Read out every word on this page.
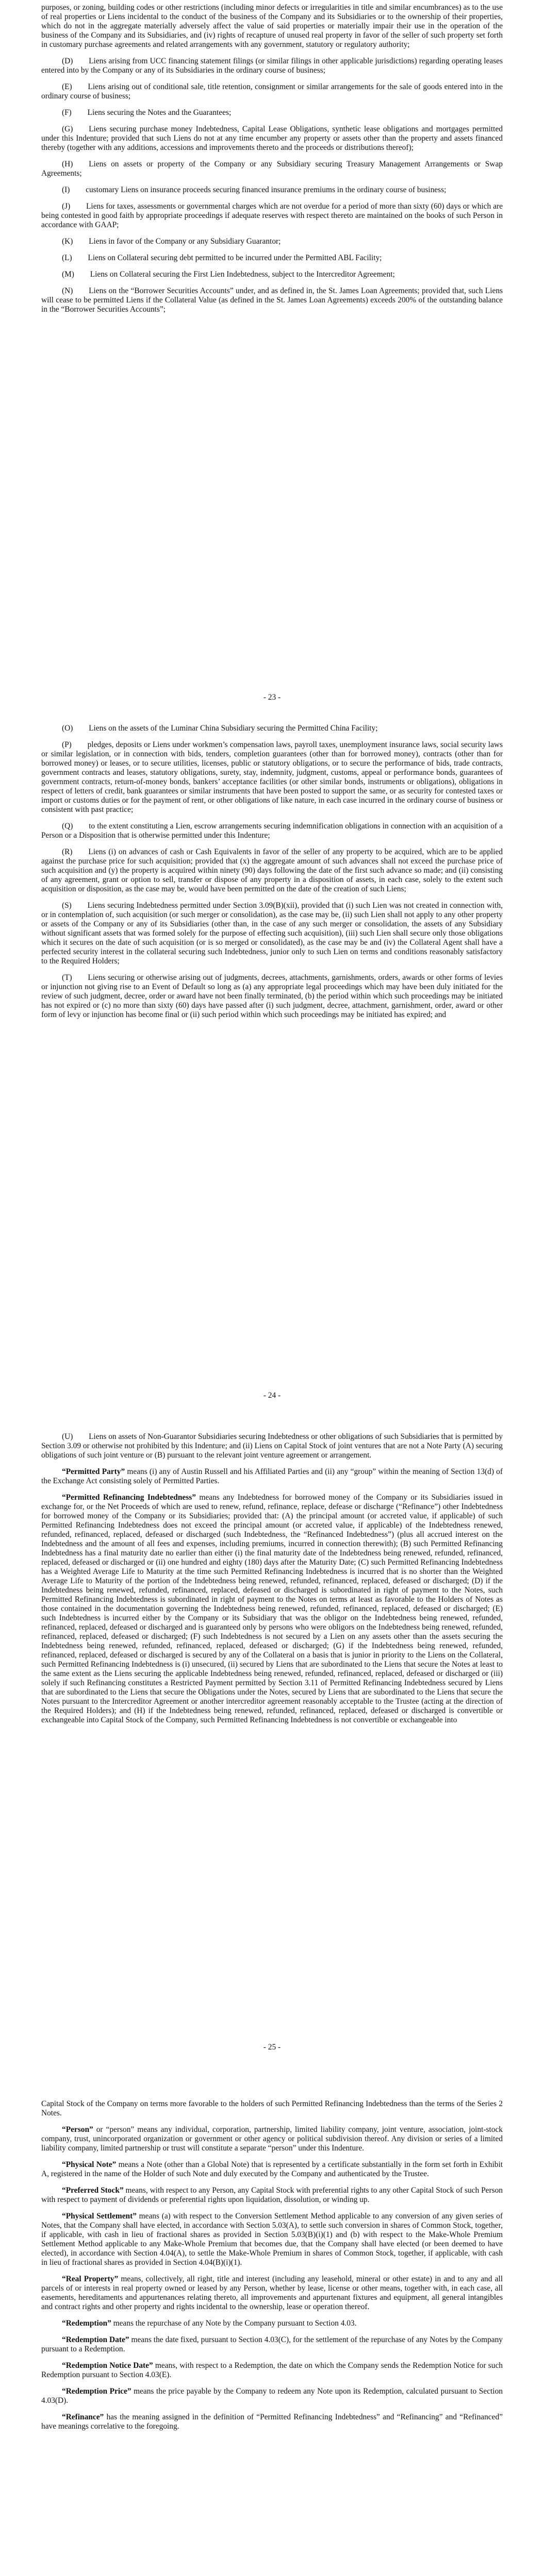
purposes, or zoning, building codes or other restrictions (including minor defects or irregularities in title and similar encumbrances) as to the use of real properties or Liens incidental to the conduct of the business of the Company and its Subsidiaries or to the ownership of their properties, which do not in the aggregate materially adversely affect the value of said properties or materially impair their use in the operation of the business of the Company and its Subsidiaries, and (iv) rights of recapture of unused real property in favor of the seller of such property set forth in customary purchase agreements and related arrangements with any government, statutory or regulatory authority;

(D)  Liens arising from UCC financing statement filings (or similar filings in other applicable jurisdictions) regarding operating leases entered into by the Company or any of its Subsidiaries in the ordinary course of business;

(E)  Liens arising out of conditional sale, title retention, consignment or similar arrangements for the sale of goods entered into in the ordinary course of business;

(F)  Liens securing the Notes and the Guarantees;

(G)  Liens securing purchase money Indebtedness, Capital Lease Obligations, synthetic lease obligations and mortgages permitted under this Indenture; provided that such Liens do not at any time encumber any property or assets other than the property and assets financed thereby (together with any additions, accessions and improvements thereto and the proceeds or distributions thereof);

(H)  Liens on assets or property of the Company or any Subsidiary securing Treasury Management Arrangements or Swap Agreements;

(I)  customary Liens on insurance proceeds securing financed insurance premiums in the ordinary course of business;

(J)  Liens for taxes, assessments or governmental charges which are not overdue for a period of more than sixty (60) days or which are being contested in good faith by appropriate proceedings if adequate reserves with respect thereto are maintained on the books of such Person in accordance with GAAP;

(K)  Liens in favor of the Company or any Subsidiary Guarantor;

(L)  Liens on Collateral securing debt permitted to be incurred under the Permitted ABL Facility;

(M)  Liens on Collateral securing the First Lien Indebtedness, subject to the Intercreditor Agreement;

(N)  Liens on the “Borrower Securities Accounts” under, and as defined in, the St. James Loan Agreements; provided that, such Liens will cease to be permitted Liens if the Collateral Value (as defined in the St. James Loan Agreements) exceeds 200% of the outstanding balance in the “Borrower Securities Accounts”;

- 23 -

(O)  Liens on the assets of the Luminar China Subsidiary securing the Permitted China Facility;

(P)  pledges, deposits or Liens under workmen’s compensation laws, payroll taxes, unemployment insurance laws, social security laws or similar legislation, or in connection with bids, tenders, completion guarantees (other than for borrowed money), contracts (other than for borrowed money) or leases, or to secure utilities, licenses, public or statutory obligations, or to secure the performance of bids, trade contracts, government contracts and leases, statutory obligations, surety, stay, indemnity, judgment, customs, appeal or performance bonds, guarantees of government contracts, return-of-money bonds, bankers’ acceptance facilities (or other similar bonds, instruments or obligations), obligations in respect of letters of credit, bank guarantees or similar instruments that have been posted to support the same, or as security for contested taxes or import or customs duties or for the payment of rent, or other obligations of like nature, in each case incurred in the ordinary course of business or consistent with past practice;

(Q)  to the extent constituting a Lien, escrow arrangements securing indemnification obligations in connection with an acquisition of a Person or a Disposition that is otherwise permitted under this Indenture;

(R)  Liens (i) on advances of cash or Cash Equivalents in favor of the seller of any property to be acquired, which are to be applied against the purchase price for such acquisition; provided that (x) the aggregate amount of such advances shall not exceed the purchase price of such acquisition and (y) the property is acquired within ninety (90) days following the date of the first such advance so made; and (ii) consisting of any agreement, grant or option to sell, transfer or dispose of any property in a disposition of assets, in each case, solely to the extent such acquisition or disposition, as the case may be, would have been permitted on the date of the creation of such Liens;

(S)  Liens securing Indebtedness permitted under Section 3.09(B)(xii), provided that (i) such Lien was not created in connection with, or in contemplation of, such acquisition (or such merger or consolidation), as the case may be, (ii) such Lien shall not apply to any other property or assets of the Company or any of its Subsidiaries (other than, in the case of any such merger or consolidation, the assets of any Subsidiary without significant assets that was formed solely for the purpose of effecting such acquisition), (iii) such Lien shall secure only those obligations which it secures on the date of such acquisition (or is so merged or consolidated), as the case may be and (iv) the Collateral Agent shall have a perfected security interest in the collateral securing such Indebtedness, junior only to such Lien on terms and conditions reasonably satisfactory to the Required Holders;

(T)  Liens securing or otherwise arising out of judgments, decrees, attachments, garnishments, orders, awards or other forms of levies or injunction not giving rise to an Event of Default so long as (a) any appropriate legal proceedings which may have been duly initiated for the review of such judgment, decree, order or award have not been finally terminated, (b) the period within which such proceedings may be initiated has not expired or (c) no more than sixty (60) days have passed after (i) such judgment, decree, attachment, garnishment, order, award or other form of levy or injunction has become final or (ii) such period within which such proceedings may be initiated has expired; and

- 24 -

(U)  Liens on assets of Non-Guarantor Subsidiaries securing Indebtedness or other obligations of such Subsidiaries that is permitted by Section 3.09 or otherwise not prohibited by this Indenture; and (ii) Liens on Capital Stock of joint ventures that are not a Note Party (A) securing obligations of such joint venture or (B) pursuant to the relevant joint venture agreement or arrangement.

“Permitted Party” means (i) any of Austin Russell and his Affiliated Parties and (ii) any “group” within the meaning of Section 13(d) of the Exchange Act consisting solely of Permitted Parties.

“Permitted Refinancing Indebtedness” means any Indebtedness for borrowed money of the Company or its Subsidiaries issued in exchange for, or the Net Proceeds of which are used to renew, refund, refinance, replace, defease or discharge (“Refinance”) other Indebtedness for borrowed money of the Company or its Subsidiaries; provided that: (A) the principal amount (or accreted value, if applicable) of such Permitted Refinancing Indebtedness does not exceed the principal amount (or accreted value, if applicable) of the Indebtedness renewed, refunded, refinanced, replaced, defeased or discharged (such Indebtedness, the “Refinanced Indebtedness”) (plus all accrued interest on the Indebtedness and the amount of all fees and expenses, including premiums, incurred in connection therewith); (B) such Permitted Refinancing Indebtedness has a final maturity date no earlier than either (i) the final maturity date of the Indebtedness being renewed, refunded, refinanced, replaced, defeased or discharged or (ii) one hundred and eighty (180) days after the Maturity Date; (C) such Permitted Refinancing Indebtedness has a Weighted Average Life to Maturity at the time such Permitted Refinancing Indebtedness is incurred that is no shorter than the Weighted Average Life to Maturity of the portion of the Indebtedness being renewed, refunded, refinanced, replaced, defeased or discharged; (D) if the Indebtedness being renewed, refunded, refinanced, replaced, defeased or discharged is subordinated in right of payment to the Notes, such Permitted Refinancing Indebtedness is subordinated in right of payment to the Notes on terms at least as favorable to the Holders of Notes as those contained in the documentation governing the Indebtedness being renewed, refunded, refinanced, replaced, defeased or discharged; (E) such Indebtedness is incurred either by the Company or its Subsidiary that was the obligor on the Indebtedness being renewed, refunded, refinanced, replaced, defeased or discharged and is guaranteed only by persons who were obligors on the Indebtedness being renewed, refunded, refinanced, replaced, defeased or discharged; (F) such Indebtedness is not secured by a Lien on any assets other than the assets securing the Indebtedness being renewed, refunded, refinanced, replaced, defeased or discharged; (G) if the Indebtedness being renewed, refunded, refinanced, replaced, defeased or discharged is secured by any of the Collateral on a basis that is junior in priority to the Liens on the Collateral, such Permitted Refinancing Indebtedness is (i) unsecured, (ii) secured by Liens that are subordinated to the Liens that secure the Notes at least to the same extent as the Liens securing the applicable Indebtedness being renewed, refunded, refinanced, replaced, defeased or discharged or (iii) solely if such Refinancing constitutes a Restricted Payment permitted by Section 3.11 of Permitted Refinancing Indebtedness secured by Liens that are subordinated to the Liens that secure the Obligations under the Notes, secured by Liens that are subordinated to the Liens that secure the Notes pursuant to the Intercreditor Agreement or another intercreditor agreement reasonably acceptable to the Trustee (acting at the direction of the Required Holders); and (H) if the Indebtedness being renewed, refunded, refinanced, replaced, defeased or discharged is convertible or exchangeable into Capital Stock of the Company, such Permitted Refinancing Indebtedness is not convertible or exchangeable into

- 25 -

Capital Stock of the Company on terms more favorable to the holders of such Permitted Refinancing Indebtedness than the terms of the Series 2 Notes.

“Person” or “person” means any individual, corporation, partnership, limited liability company, joint venture, association, joint-stock company, trust, unincorporated organization or government or other agency or political subdivision thereof. Any division or series of a limited liability company, limited partnership or trust will constitute a separate “person” under this Indenture.

“Physical Note” means a Note (other than a Global Note) that is represented by a certificate substantially in the form set forth in Exhibit A, registered in the name of the Holder of such Note and duly executed by the Company and authenticated by the Trustee.

“Preferred Stock” means, with respect to any Person, any Capital Stock with preferential rights to any other Capital Stock of such Person with respect to payment of dividends or preferential rights upon liquidation, dissolution, or winding up.

“Physical Settlement” means (a) with respect to the Conversion Settlement Method applicable to any conversion of any given series of Notes, that the Company shall have elected, in accordance with Section 5.03(A), to settle such conversion in shares of Common Stock, together, if applicable, with cash in lieu of fractional shares as provided in Section 5.03(B)(i)(1) and (b) with respect to the Make-Whole Premium Settlement Method applicable to any Make-Whole Premium that becomes due, that the Company shall have elected (or been deemed to have elected), in accordance with Section 4.04(A), to settle the Make-Whole Premium in shares of Common Stock, together, if applicable, with cash in lieu of fractional shares as provided in Section 4.04(B)(i)(1).

“Real Property” means, collectively, all right, title and interest (including any leasehold, mineral or other estate) in and to any and all parcels of or interests in real property owned or leased by any Person, whether by lease, license or other means, together with, in each case, all easements, hereditaments and appurtenances relating thereto, all improvements and appurtenant fixtures and equipment, all general intangibles and contract rights and other property and rights incidental to the ownership, lease or operation thereof.

“Redemption” means the repurchase of any Note by the Company pursuant to Section 4.03.

“Redemption Date” means the date fixed, pursuant to Section 4.03(C), for the settlement of the repurchase of any Notes by the Company pursuant to a Redemption.

“Redemption Notice Date” means, with respect to a Redemption, the date on which the Company sends the Redemption Notice for such Redemption pursuant to Section 4.03(E).

“Redemption Price” means the price payable by the Company to redeem any Note upon its Redemption, calculated pursuant to Section 4.03(D).

“Refinance” has the meaning assigned in the definition of “Permitted Refinancing Indebtedness” and “Refinancing” and “Refinanced” have meanings correlative to the foregoing.
